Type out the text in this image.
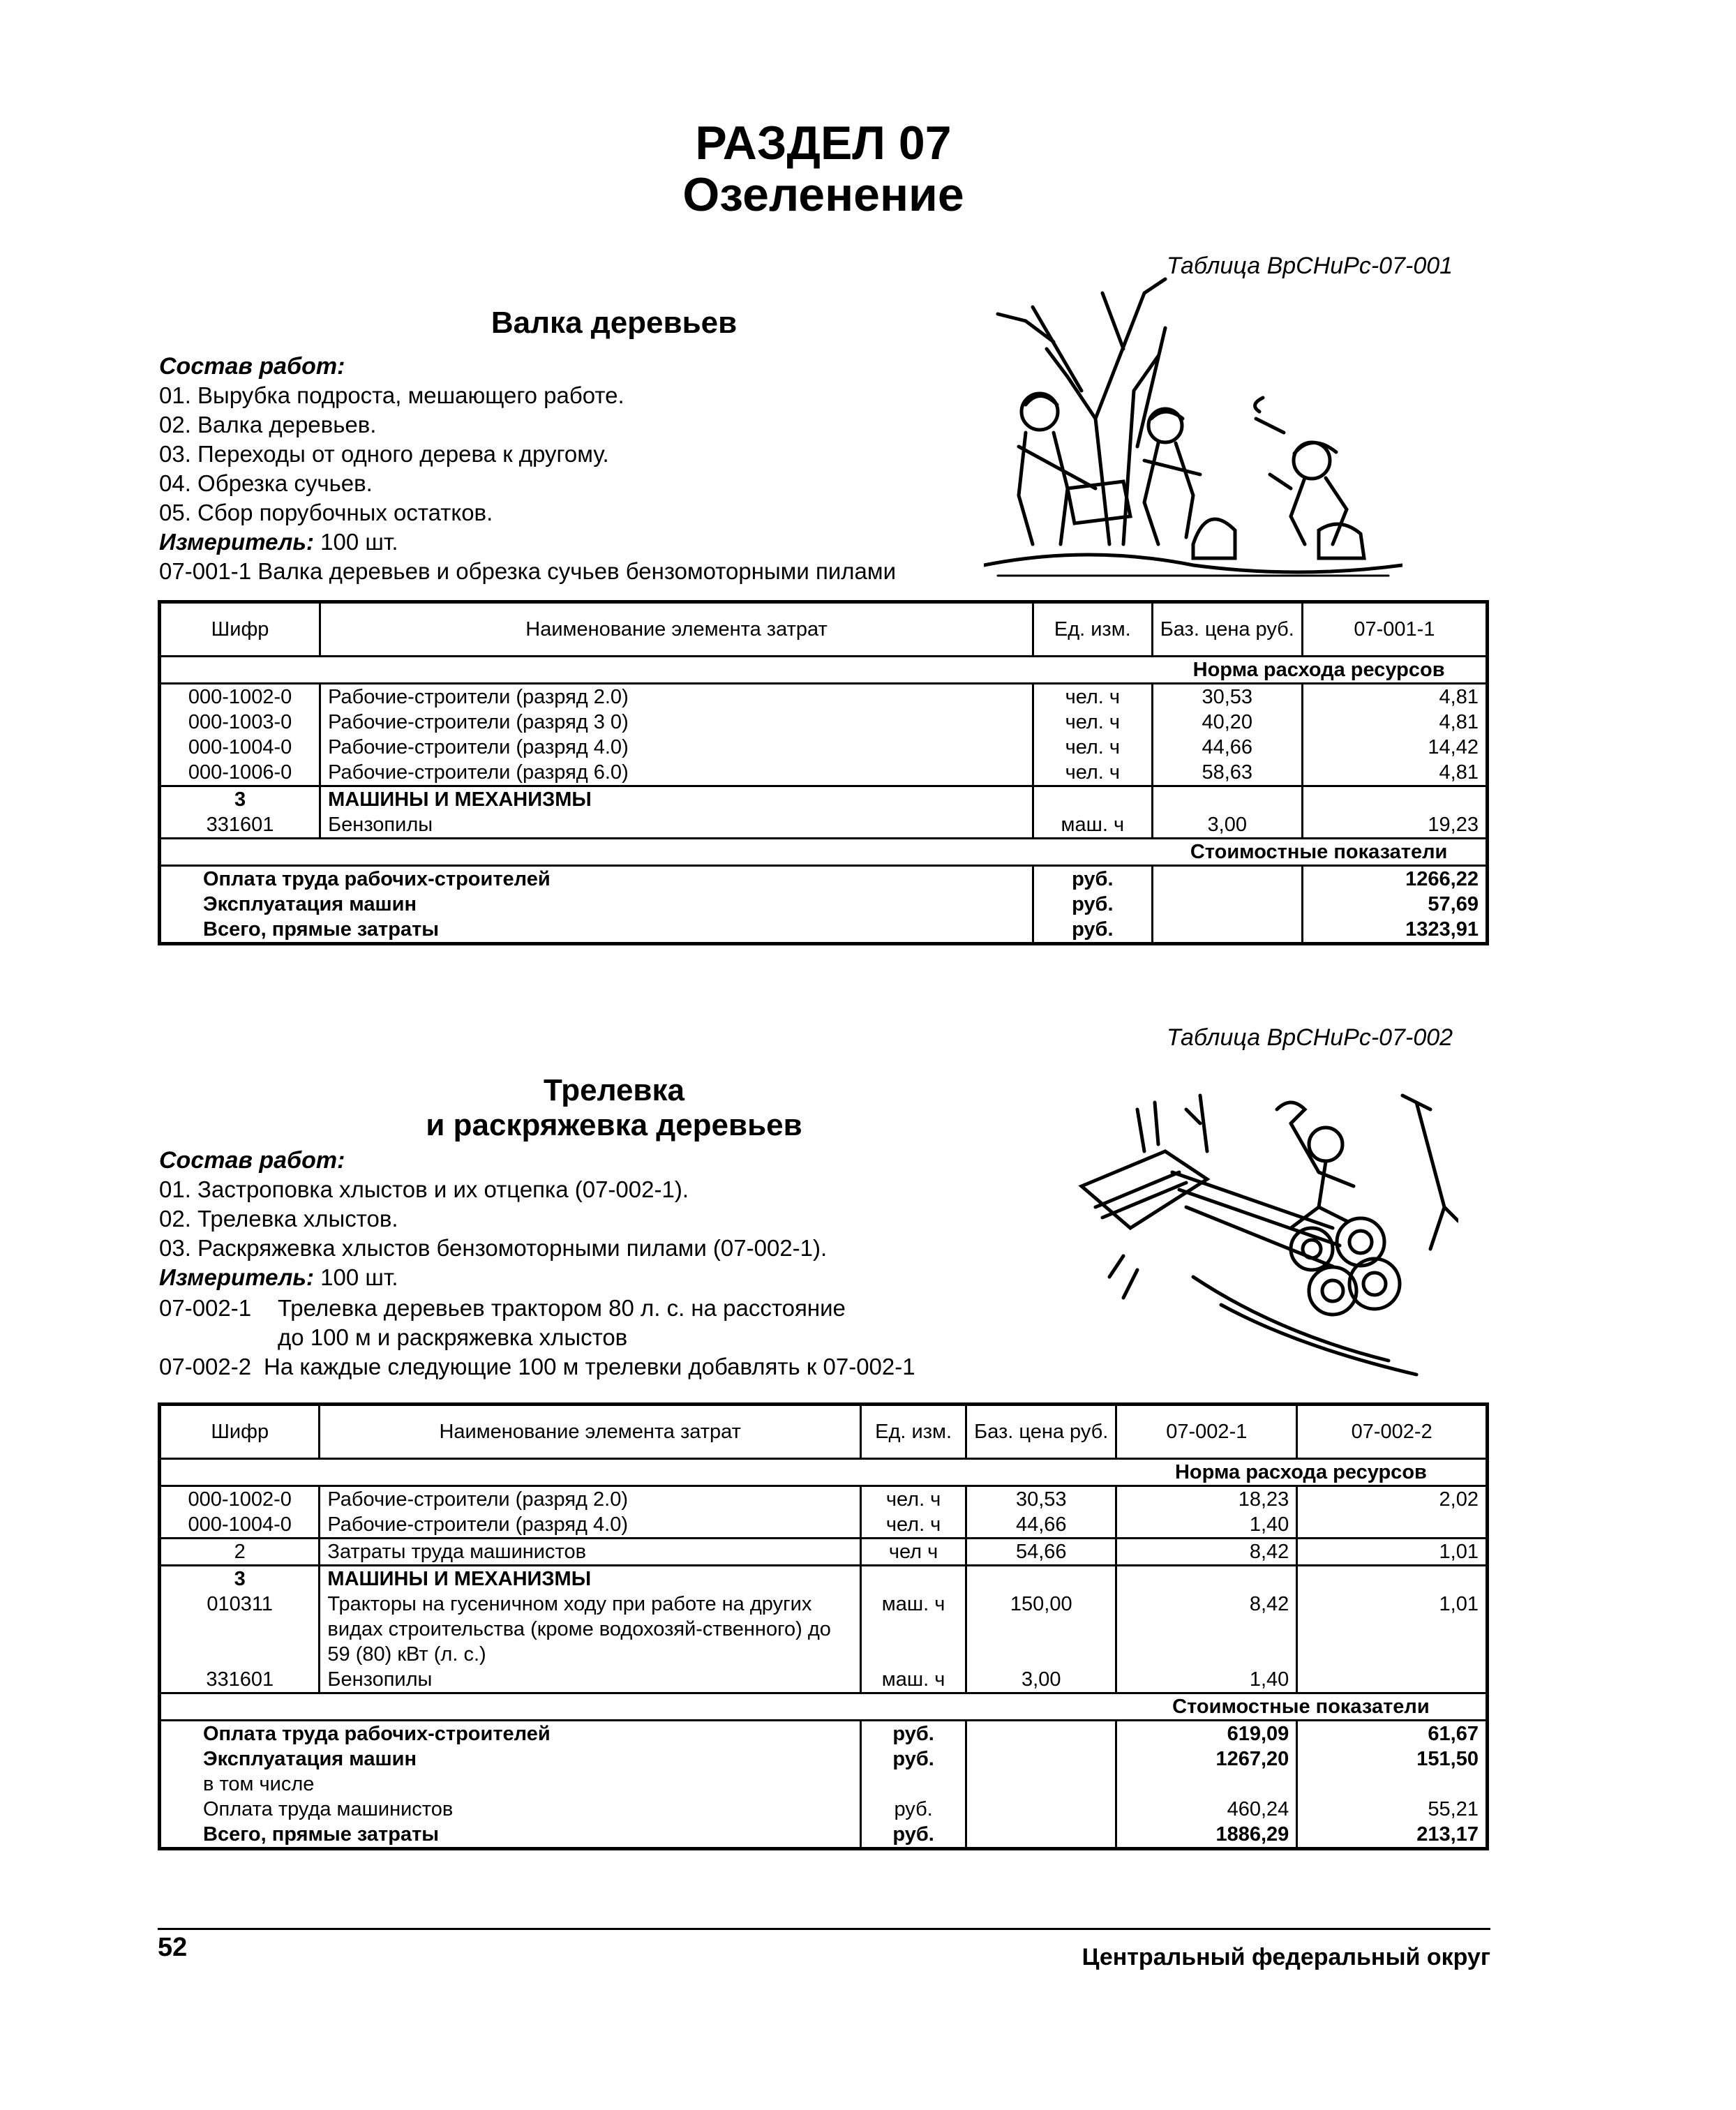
РАЗДЕЛ 07
Озеленение
Таблица ВрСНиРс-07-001
Валка деревьев
Состав работ:
01. Вырубка подроста, мешающего работе.
02. Валка деревьев.
03. Переходы от одного дерева к другому.
04. Обрезка сучьев.
05. Сбор порубочных остатков.
Измеритель: 100 шт.
07-001-1 Валка деревьев и обрезка сучьев бензомоторными пилами
Шифр	Наименование элемента затрат	Ед. изм.	Баз. цена руб.	07-001-1
			Норма расхода ресурсов	
000-1002-0	Рабочие-строители (разряд 2.0)	чел. ч	30,53	4,81
000-1003-0	Рабочие-строители (разряд 3 0)	чел. ч	40,20	4,81
000-1004-0	Рабочие-строители (разряд 4.0)	чел. ч	44,66	14,42
000-1006-0	Рабочие-строители (разряд 6.0)	чел. ч	58,63	4,81
3	МАШИНЫ И МЕХАНИЗМЫ			
331601	Бензопилы	маш. ч	3,00	19,23
			Стоимостные показатели	
Оплата труда рабочих-строителей		руб.		1266,22
Эксплуатация машин		руб.		57,69
Всего, прямые затраты		руб.		1323,91
Таблица ВрСНиРс-07-002
Трелевка
и раскряжевка деревьев
Состав работ:
01. Застроповка хлыстов и их отцепка (07-002-1).
02. Трелевка хлыстов.
03. Раскряжевка хлыстов бензомоторными пилами (07-002-1).
Измеритель: 100 шт.
07-002-1 Трелевка деревьев трактором 80 л. с. на расстояние
до 100 м и раскряжевка хлыстов
07-002-2 На каждые следующие 100 м трелевки добавлять к 07-002-1
Шифр	Наименование элемента затрат	Ед. изм.	Баз. цена руб.	07-002-1	07-002-2
				Норма расхода ресурсов	
000-1002-0	Рабочие-строители (разряд 2.0)	чел. ч	30,53	18,23	2,02
000-1004-0	Рабочие-строители (разряд 4.0)	чел. ч	44,66	1,40	
2	Затраты труда машинистов	чел ч	54,66	8,42	1,01
3	МАШИНЫ И МЕХАНИЗМЫ				
010311	Тракторы на гусеничном ходу при работе на других видах строительства (кроме водохозяй-ственного) до 59 (80) кВт (л. с.)	маш. ч	150,00	8,42	1,01
331601	Бензопилы	маш. ч	3,00	1,40	
				Стоимостные показатели	
Оплата труда рабочих-строителей		руб.		619,09	61,67
Эксплуатация машин		руб.		1267,20	151,50
в том числе					
Оплата труда машинистов		руб.		460,24	55,21
Всего, прямые затраты		руб.		1886,29	213,17
52	Центральный федеральный округ
